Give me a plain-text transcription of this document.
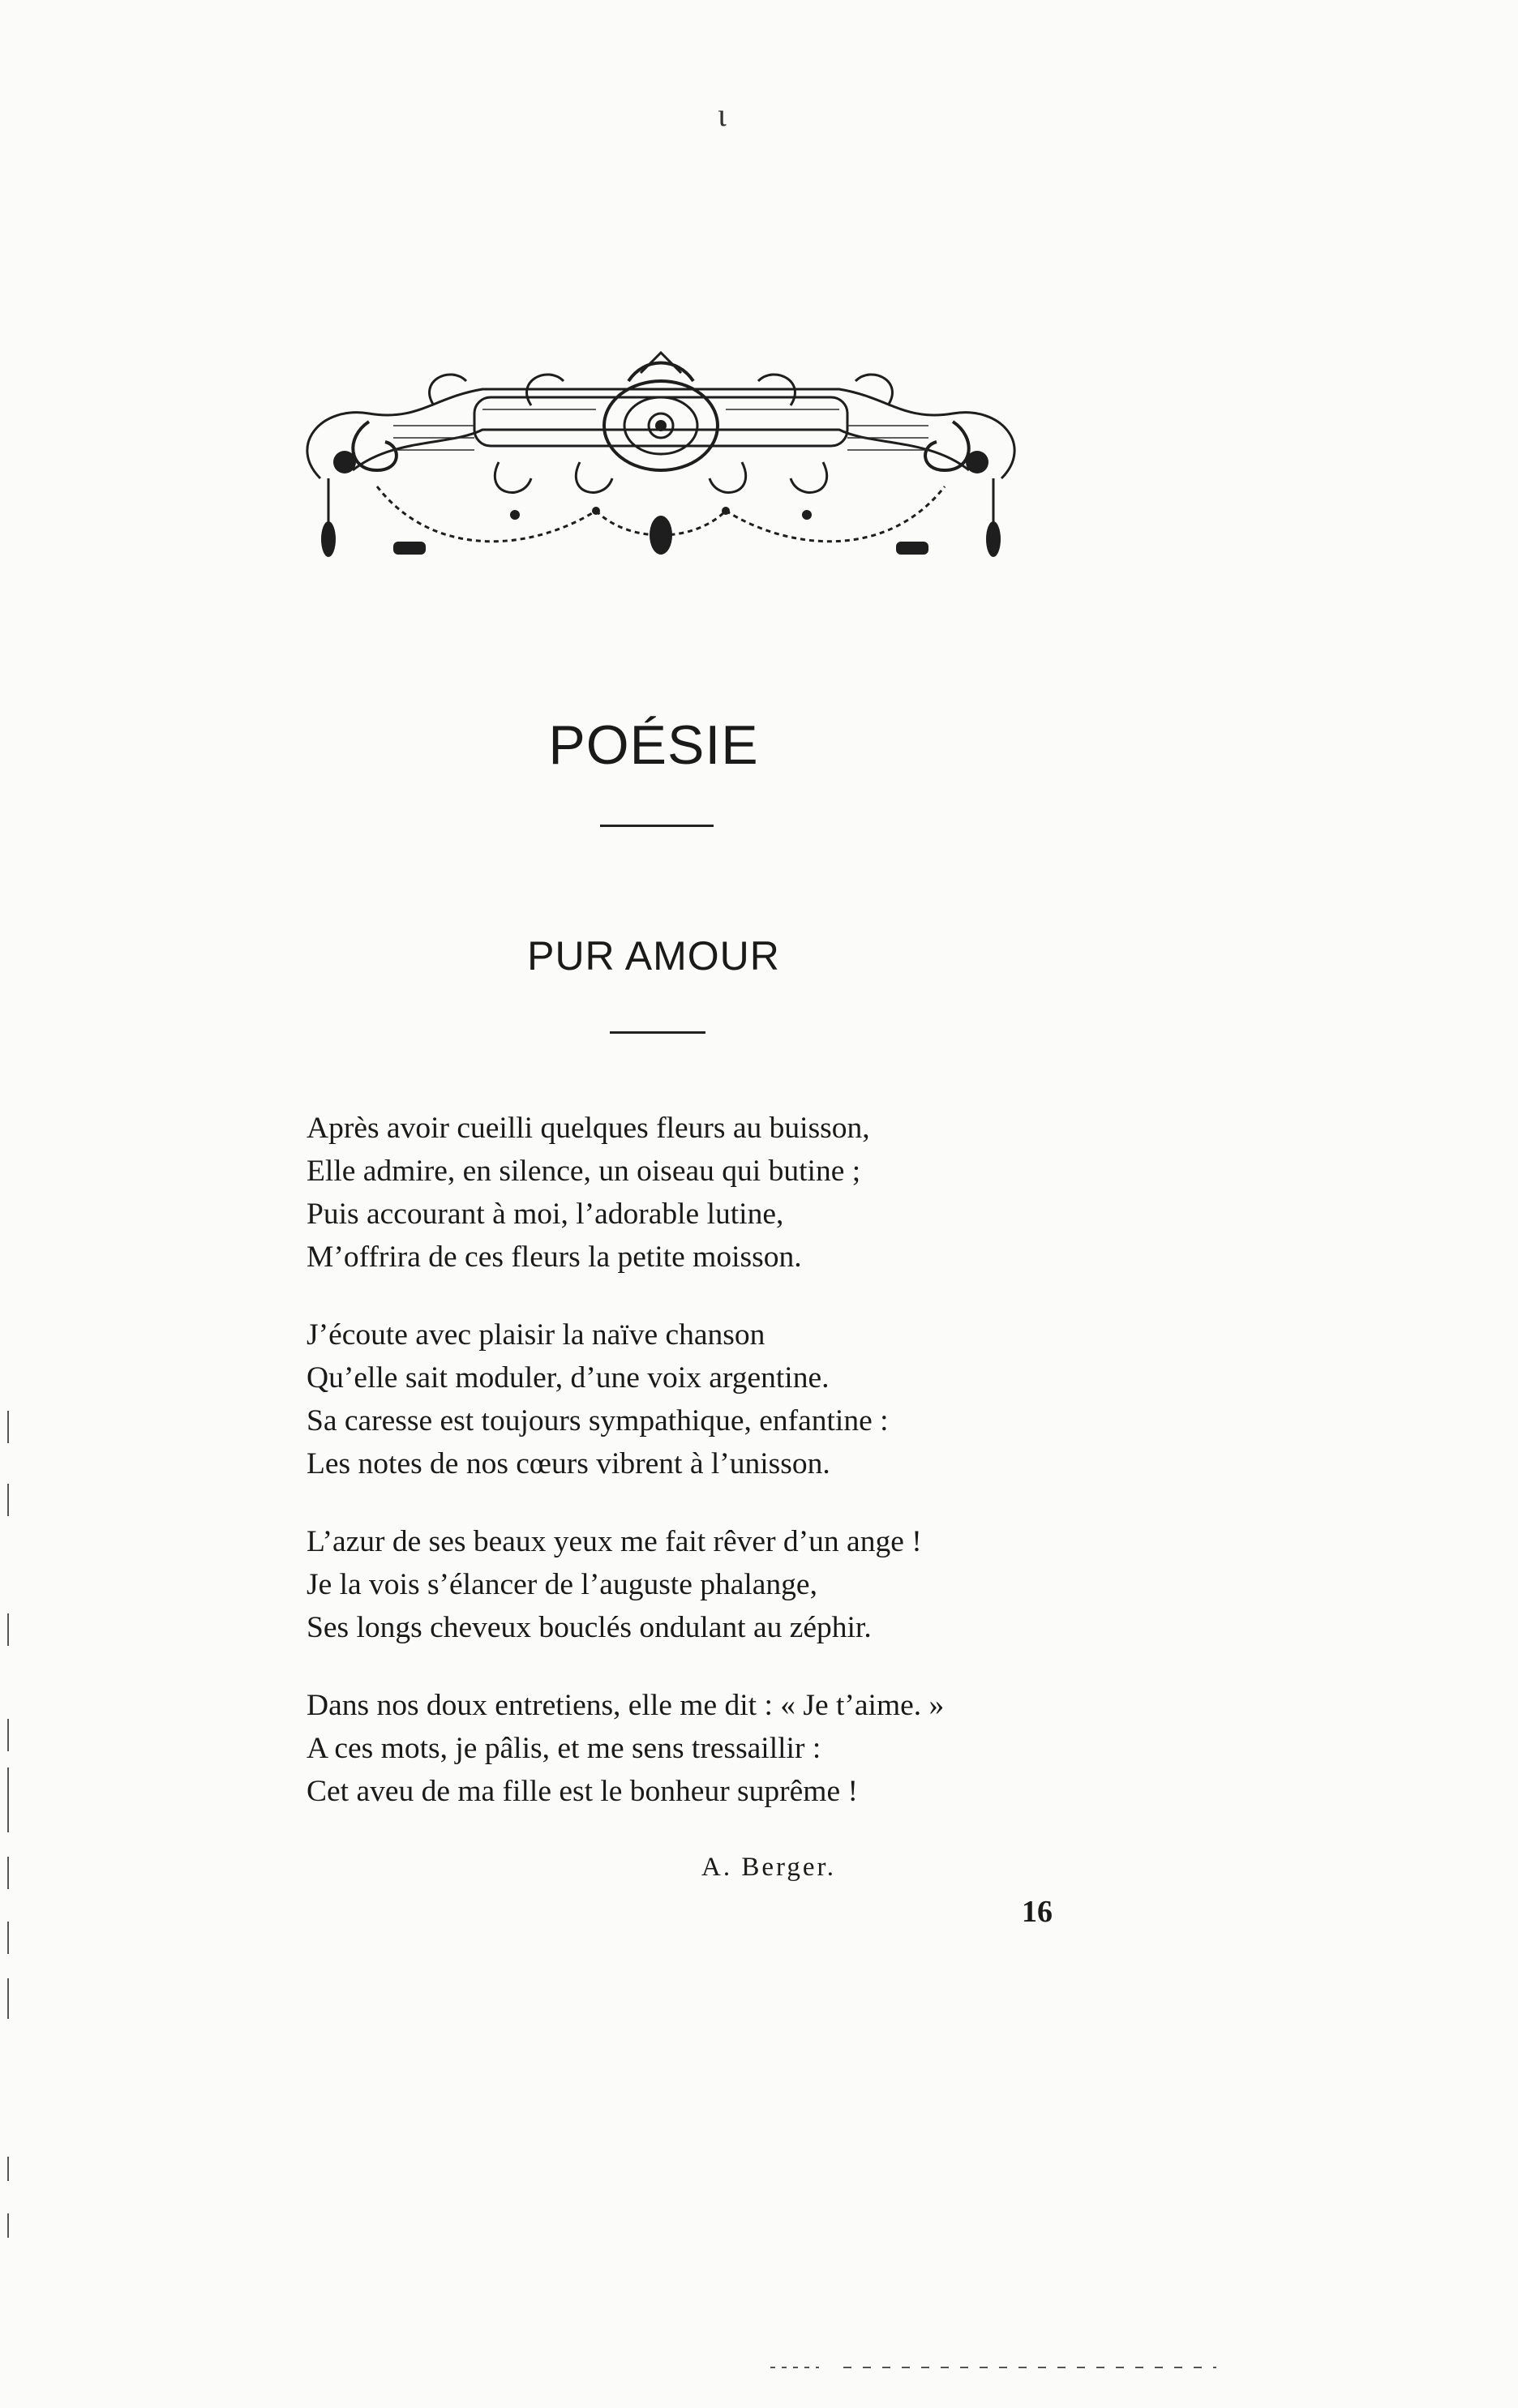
ι
POÉSIE
PUR AMOUR

Après avoir cueilli quelques fleurs au buisson,
Elle admire, en silence, un oiseau qui butine ;
Puis accourant à moi, l’adorable lutine,
M’offrira de ces fleurs la petite moisson.

J’écoute avec plaisir la naïve chanson
Qu’elle sait moduler, d’une voix argentine.
Sa caresse est toujours sympathique, enfantine :
Les notes de nos cœurs vibrent à l’unisson.

L’azur de ses beaux yeux me fait rêver d’un ange !
Je la vois s’élancer de l’auguste phalange,
Ses longs cheveux bouclés ondulant au zéphir.

Dans nos doux entretiens, elle me dit : « Je t’aime. »
A ces mots, je pâlis, et me sens tressaillir :
Cet aveu de ma fille est le bonheur suprême !

A. Berger.
16
